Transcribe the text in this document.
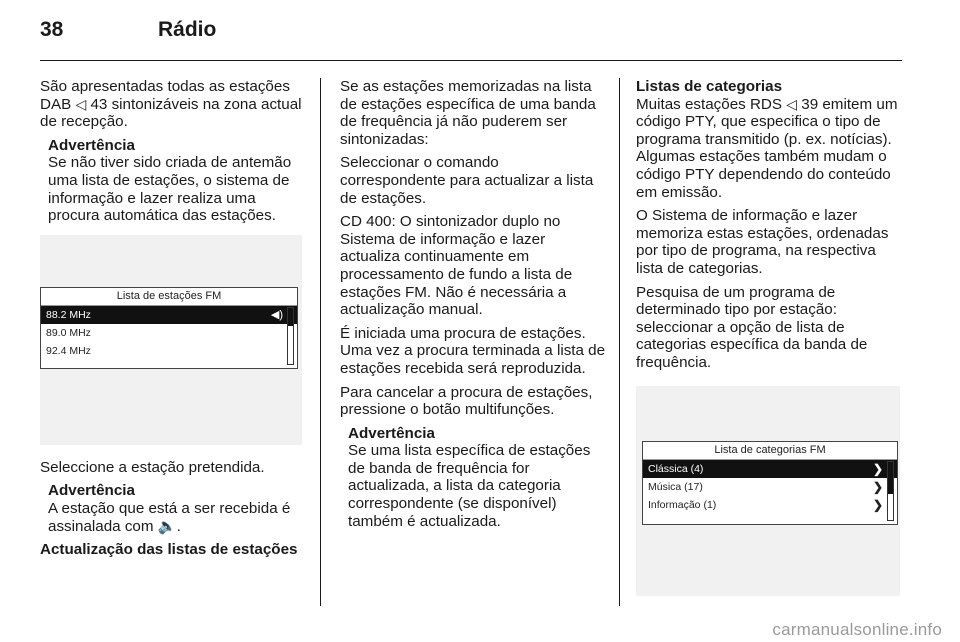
38	Rádio

São apresentadas todas as estações DAB ◁ 43 sintonizáveis na zona actual de recepção.

Advertência
Se não tiver sido criada de antemão uma lista de estações, o sistema de informação e lazer realiza uma procura automática das estações.
Lista de estações FM
88.2 MHz	◀)
89.0 MHz
92.4 MHz

Seleccione a estação pretendida.

Advertência
A estação que está a ser recebida é assinalada com 🔈.

Actualização das listas de estações

Se as estações memorizadas na lista de estações específica de uma banda de frequência já não puderem ser sintonizadas:

Seleccionar o comando correspondente para actualizar a lista de estações.

CD 400: O sintonizador duplo no Sistema de informação e lazer actualiza continuamente em processamento de fundo a lista de estações FM. Não é necessária a actualização manual.

É iniciada uma procura de estações. Uma vez a procura terminada a lista de estações recebida será reproduzida.

Para cancelar a procura de estações, pressione o botão multifunções.

Advertência
Se uma lista específica de estações de banda de frequência for actualizada, a lista da categoria correspondente (se disponível) também é actualizada.

Listas de categorias

Muitas estações RDS ◁ 39 emitem um código PTY, que especifica o tipo de programa transmitido (p. ex. notícias). Algumas estações também mudam o código PTY dependendo do conteúdo em emissão.

O Sistema de informação e lazer memoriza estas estações, ordenadas por tipo de programa, na respectiva lista de categorias.

Pesquisa de um programa de determinado tipo por estação: seleccionar a opção de lista de categorias específica da banda de frequência.

Lista de categorias FM
Clássica (4)	❯
Música (17)	❯
Informação (1)	❯
carmanualsonline.info
